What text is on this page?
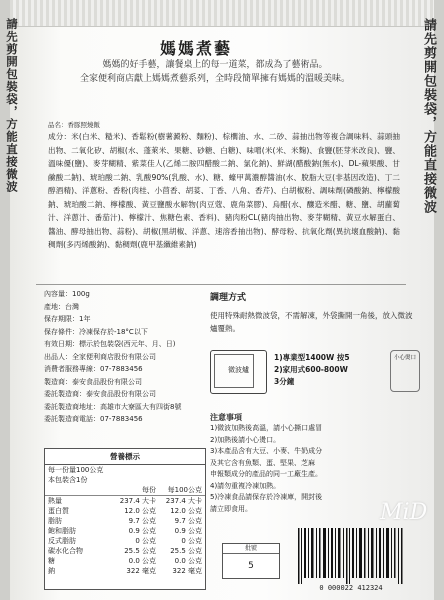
請先剪開包裝袋，方能直接微波	請先剪開包裝袋，方能直接微波
媽媽煮藝
媽媽的好手藝，讓餐桌上的每一道菜，都成為了藝術品。
全家便利商店獻上媽媽煮藝系列，全時段簡單擁有媽媽的溫暖美味。
品名：香豚照燒飯
成分：米(白米、糙米)、香鬆粉(樹薯澱粉、麵粉)、棕櫚油、水、二砂、蒜抽出物等複合調味料、蒜頭抽出物、二氧化矽、胡椒(水、蓬萊米、果糖、砂糖、白糖)、味噌(米(米、米麴)、食鹽(胚芽米改良)、鹽、溫味優(鹽)、麥芽糊精、紫菜佳人(乙烯二胺四醋酸二鈉、氯化鈉)、鮮湖(醋酸鈉(無水)、DL-蘋果酸、甘鹼酸二鈉)、琥珀酸二鈉、乳酸90%(乳酸、水)、糖、蠔甲萬濃醇醬油(水、脫脂大豆(非基因改造)、丁二醇酒精)、洋蔥粉、香粉(肉桂、小茴香、胡荽、丁香、八角、香芹)、白胡椒粉、調味劑(磷酸鈉、檸檬酸鈉、琥珀酸二鈉、檸檬酸、黃豆鹽酸水解物(肉豆蔻、鹿角菜膠)、烏醋(水、釀造米醋、糖、鹽、胡蘿蔔汁、洋蔥汁、番茄汁)、檸檬汁、焦糖色素、香料)、豬肉粉CL(豬肉抽出物、麥芽糊精、黃豆水解蛋白、醬油、酵母抽出物、蒜粉)、胡椒(黑胡椒、洋蔥、速溶香抽出物)、酵母粉、抗氧化劑(異抗壞血酸鈉)、黏稠劑(多丙烯酸鈉)、黏稠劑(鹿甲基纖維素鈉)
內容量：100g
產地：台灣
保存期限：1年
保存條件：冷凍保存於-18°C以下
有效日期：標示於包裝袋(西元年、月、日)
出品人：全家便利商店股份有限公司
消費者服務專線：07-7883456
製造商：泰安食品股份有限公司
委託製造商：泰安食品股份有限公司
委託製造商地址：高雄市大寮區大有四街8號
委託製造商電話：07-7883456
營養標示
每一份量100公克
本包裝含1份
每份	每100公克
熱量	237.4 大卡	237.4 大卡
蛋白質	12.0 公克	12.0 公克
脂肪	9.7 公克	9.7 公克
飽和脂肪	0.9 公克	0.9 公克
反式脂肪	0 公克	0 公克
碳水化合物	25.5 公克	25.5 公克
糖	0.0 公克	0.0 公克
鈉	322 毫克	322 毫克
調理方式
使用特殊耐熱微波袋，不需解凍，外袋撕開一角後，放入微波爐覆熱。
微波爐
1)專業型1400W 按5
2)家用式600-800W
3分鐘
小心燙口
注意事項
1)微波加熱後高溫，請小心撕口處冒
2)加熱後請小心燙口。
3)本產品含有大豆、小麥、牛奶成分
及其它含有魚類、蛋、堅果、芝麻
申報類成分的產品的同一工廠生產。
4)請勿重複冷凍加熱。
5)冷凍食品請保存於冷凍庫，開封後
請立即食用。
批號
5
0 000022 412324
MiD
